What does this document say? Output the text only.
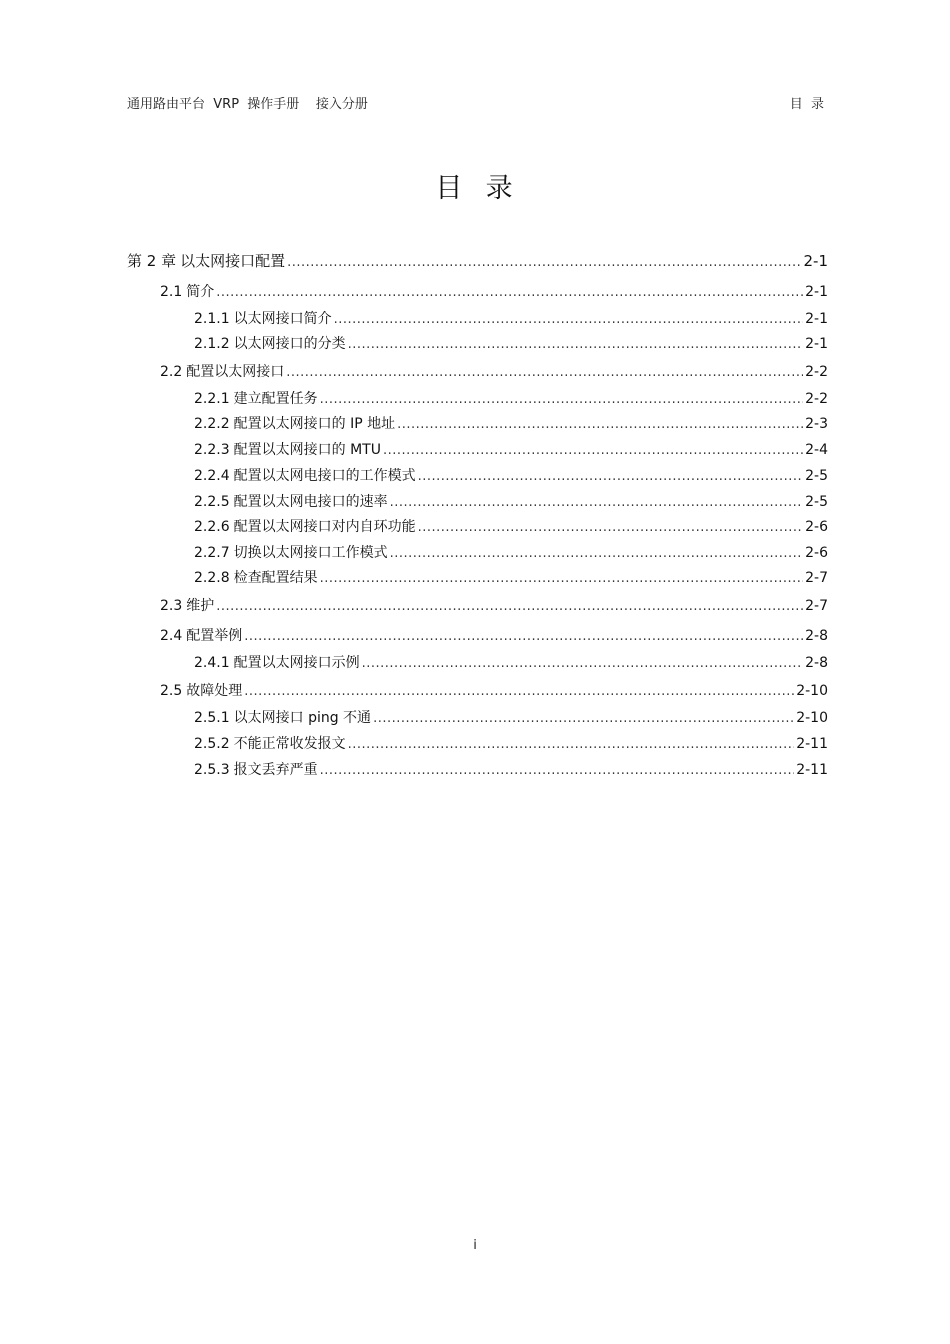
通用路由平台  VRP  操作手册    接入分册	目  录
目  录
第 2 章 以太网接口配置 .....	2-1
2.1 简介 .....	2-1
2.1.1 以太网接口简介 .....	2-1
2.1.2 以太网接口的分类 .....	2-1
2.2 配置以太网接口 .....	2-2
2.2.1 建立配置任务 .....	2-2
2.2.2 配置以太网接口的 IP 地址 .....	2-3
2.2.3 配置以太网接口的 MTU .....	2-4
2.2.4 配置以太网电接口的工作模式 .....	2-5
2.2.5 配置以太网电接口的速率 .....	2-5
2.2.6 配置以太网接口对内自环功能 .....	2-6
2.2.7 切换以太网接口工作模式 .....	2-6
2.2.8 检查配置结果 .....	2-7
2.3 维护 .....	2-7
2.4 配置举例 .....	2-8
2.4.1 配置以太网接口示例 .....	2-8
2.5 故障处理 .....	2-10
2.5.1 以太网接口 ping 不通 .....	2-10
2.5.2 不能正常收发报文 .....	2-11
2.5.3 报文丢弃严重 .....	2-11
i
